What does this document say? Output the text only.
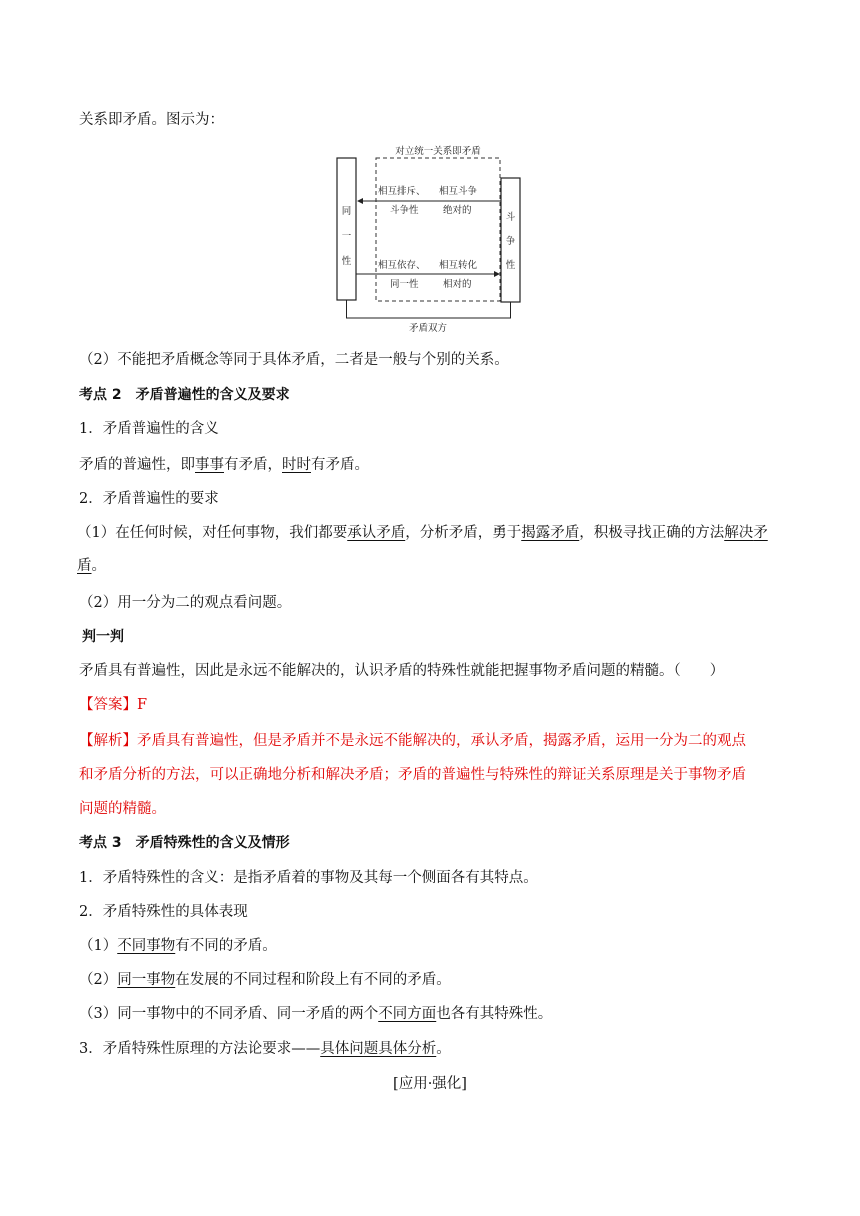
关系即矛盾。图示为：
对立统一关系即矛盾
同
一
性
斗
争
性
相互排斥、
斗争性
相互斗争
绝对的
相互依存、
同一性
相互转化
相对的
矛盾双方
（2）不能把矛盾概念等同于具体矛盾，二者是一般与个别的关系。
考点 2 矛盾普遍性的含义及要求
1．矛盾普遍性的含义
矛盾的普遍性，即事事有矛盾，时时有矛盾。
2．矛盾普遍性的要求
（1）在任何时候，对任何事物，我们都要承认矛盾，分析矛盾，勇于揭露矛盾，积极寻找正确的方法解决矛盾。
（2）用一分为二的观点看问题。
判一判
矛盾具有普遍性，因此是永远不能解决的，认识矛盾的特殊性就能把握事物矛盾问题的精髓。（　　）
【答案】F
【解析】矛盾具有普遍性，但是矛盾并不是永远不能解决的，承认矛盾，揭露矛盾，运用一分为二的观点
和矛盾分析的方法，可以正确地分析和解决矛盾；矛盾的普遍性与特殊性的辩证关系原理是关于事物矛盾
问题的精髓。
考点 3 矛盾特殊性的含义及情形
1．矛盾特殊性的含义：是指矛盾着的事物及其每一个侧面各有其特点。
2．矛盾特殊性的具体表现
（1）不同事物有不同的矛盾。
（2）同一事物在发展的不同过程和阶段上有不同的矛盾。
（3）同一事物中的不同矛盾、同一矛盾的两个不同方面也各有其特殊性。
3．矛盾特殊性原理的方法论要求——具体问题具体分析。
[应用·强化]
